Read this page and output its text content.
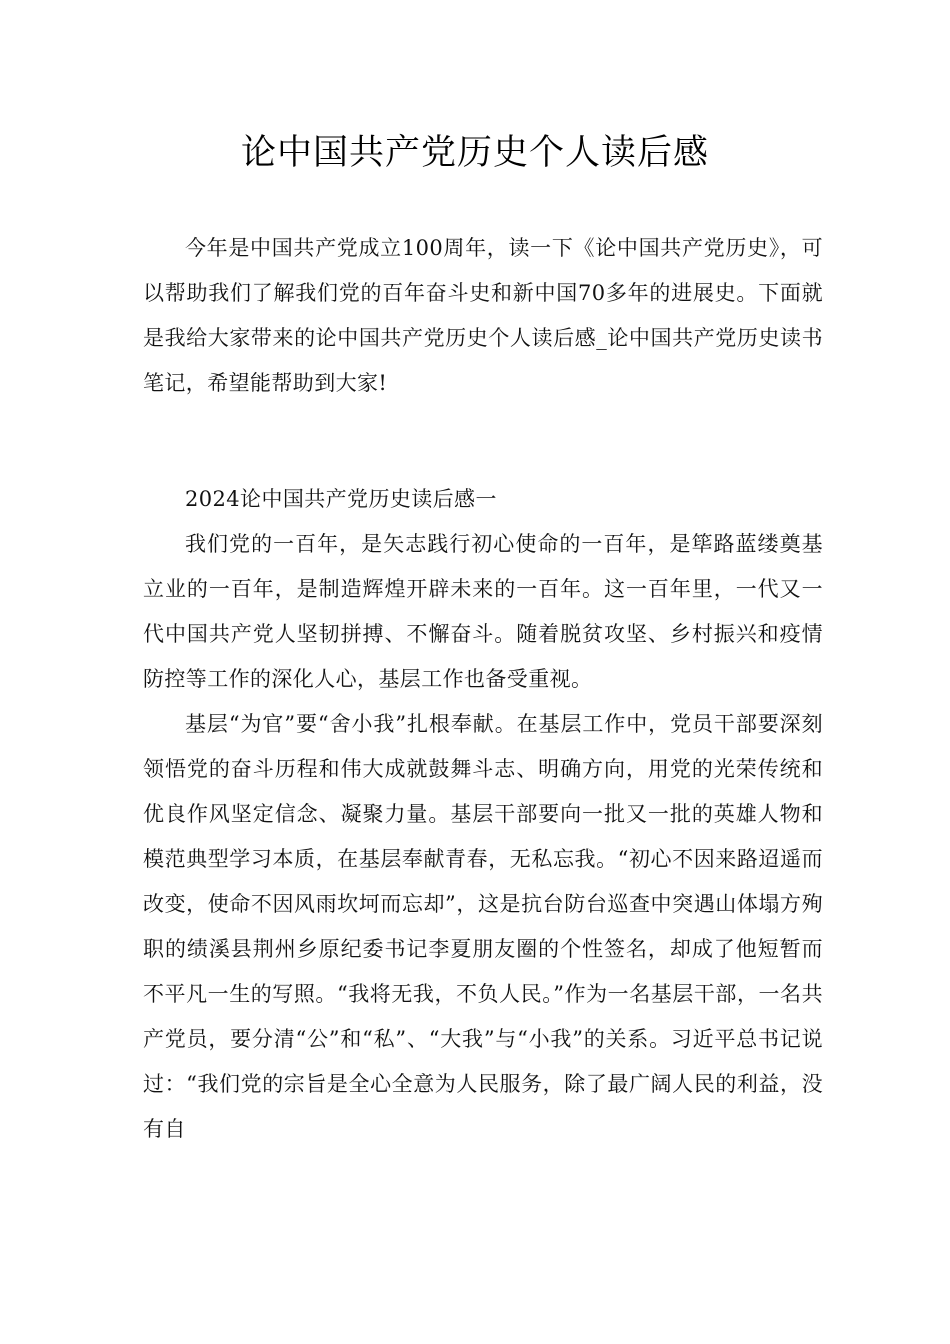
论中国共产党历史个人读后感

今年是中国共产党成立100周年，读一下《论中国共产党历史》，可以帮助我们了解我们党的百年奋斗史和新中国70多年的进展史。下面就是我给大家带来的论中国共产党历史个人读后感_论中国共产党历史读书笔记，希望能帮助到大家!

2024论中国共产党历史读后感一

我们党的一百年，是矢志践行初心使命的一百年，是筚路蓝缕奠基立业的一百年，是制造辉煌开辟未来的一百年。这一百年里，一代又一代中国共产党人坚韧拼搏、不懈奋斗。随着脱贫攻坚、乡村振兴和疫情防控等工作的深化人心，基层工作也备受重视。

基层“为官”要“舍小我”扎根奉献。在基层工作中，党员干部要深刻领悟党的奋斗历程和伟大成就鼓舞斗志、明确方向，用党的光荣传统和优良作风坚定信念、凝聚力量。基层干部要向一批又一批的英雄人物和模范典型学习本质，在基层奉献青春，无私忘我。“初心不因来路迢遥而改变，使命不因风雨坎坷而忘却”，这是抗台防台巡查中突遇山体塌方殉职的绩溪县荆州乡原纪委书记李夏朋友圈的个性签名，却成了他短暂而不平凡一生的写照。“我将无我，不负人民。”作为一名基层干部，一名共产党员，要分清“公”和“私”、“大我”与“小我”的关系。习近平总书记说过：“我们党的宗旨是全心全意为人民服务，除了最广阔人民的利益，没有自
